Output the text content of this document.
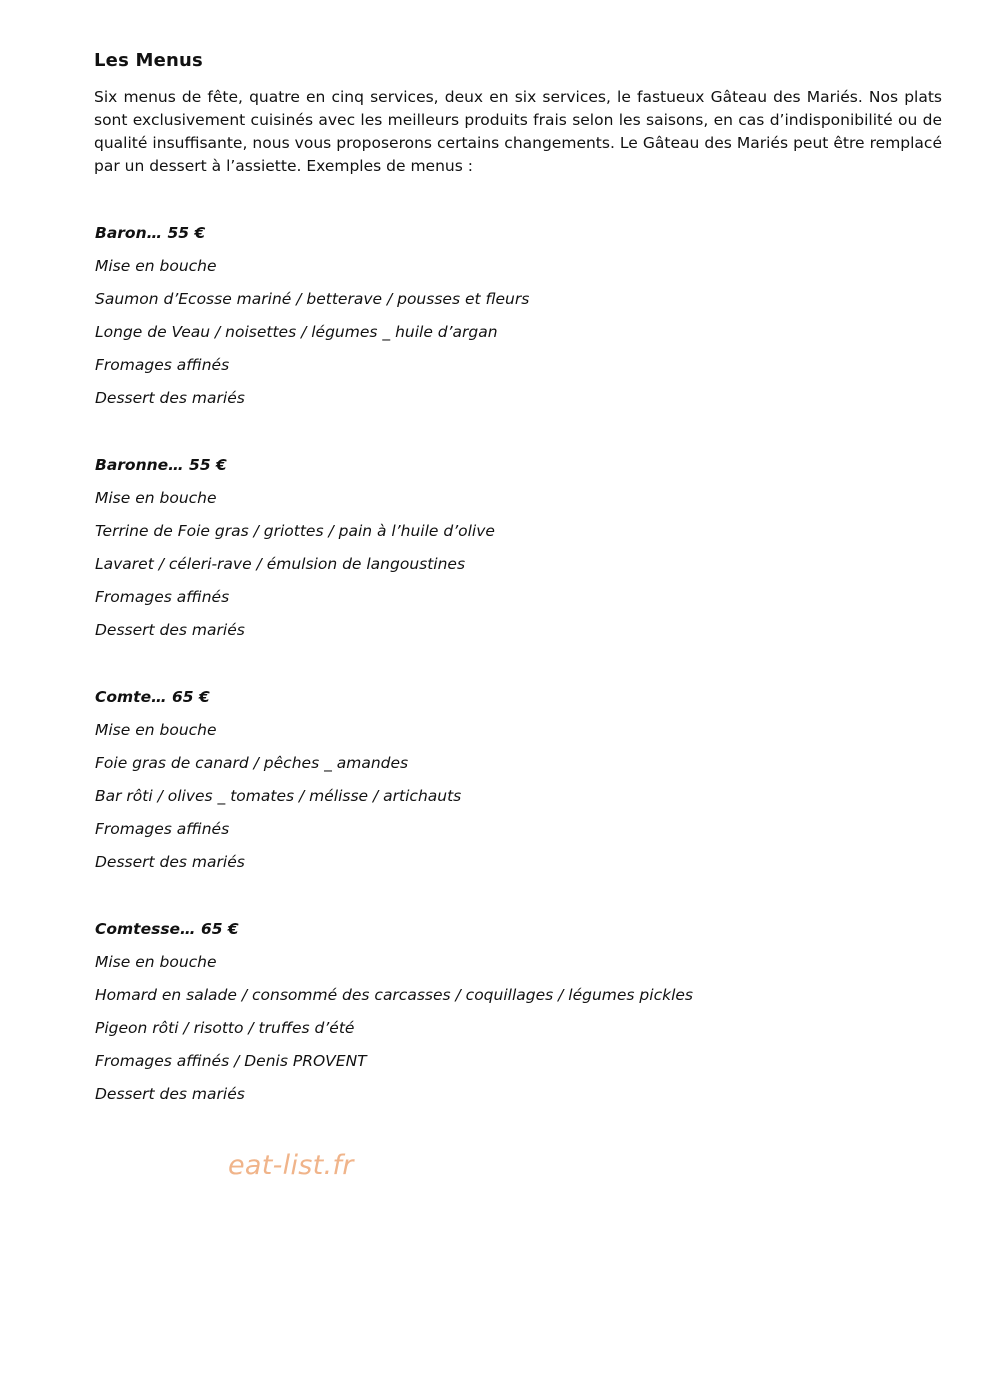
Les Menus
Six menus de fête, quatre en cinq services, deux en six services, le fastueux Gâteau des Mariés. Nos plats sont exclusivement cuisinés avec les meilleurs produits frais selon les saisons, en cas d’indisponibilité ou de qualité insuffisante, nous vous proposerons certains changements. Le Gâteau des Mariés peut être remplacé par un dessert à l’assiette. Exemples de menus :
Baron… 55 €
Mise en bouche
Saumon d’Ecosse mariné / betterave / pousses et fleurs
Longe de Veau / noisettes / légumes _ huile d’argan
Fromages affinés
Dessert des mariés
Baronne… 55 €
Mise en bouche
Terrine de Foie gras / griottes / pain à l’huile d’olive
Lavaret / céleri-rave / émulsion de langoustines
Fromages affinés
Dessert des mariés
Comte… 65 €
Mise en bouche
Foie gras de canard / pêches _ amandes
Bar rôti / olives _ tomates / mélisse / artichauts
Fromages affinés
Dessert des mariés
Comtesse… 65 €
Mise en bouche
Homard en salade / consommé des carcasses / coquillages / légumes pickles
Pigeon rôti / risotto / truffes d’été
Fromages affinés / Denis PROVENT
Dessert des mariés
eat-list.fr
